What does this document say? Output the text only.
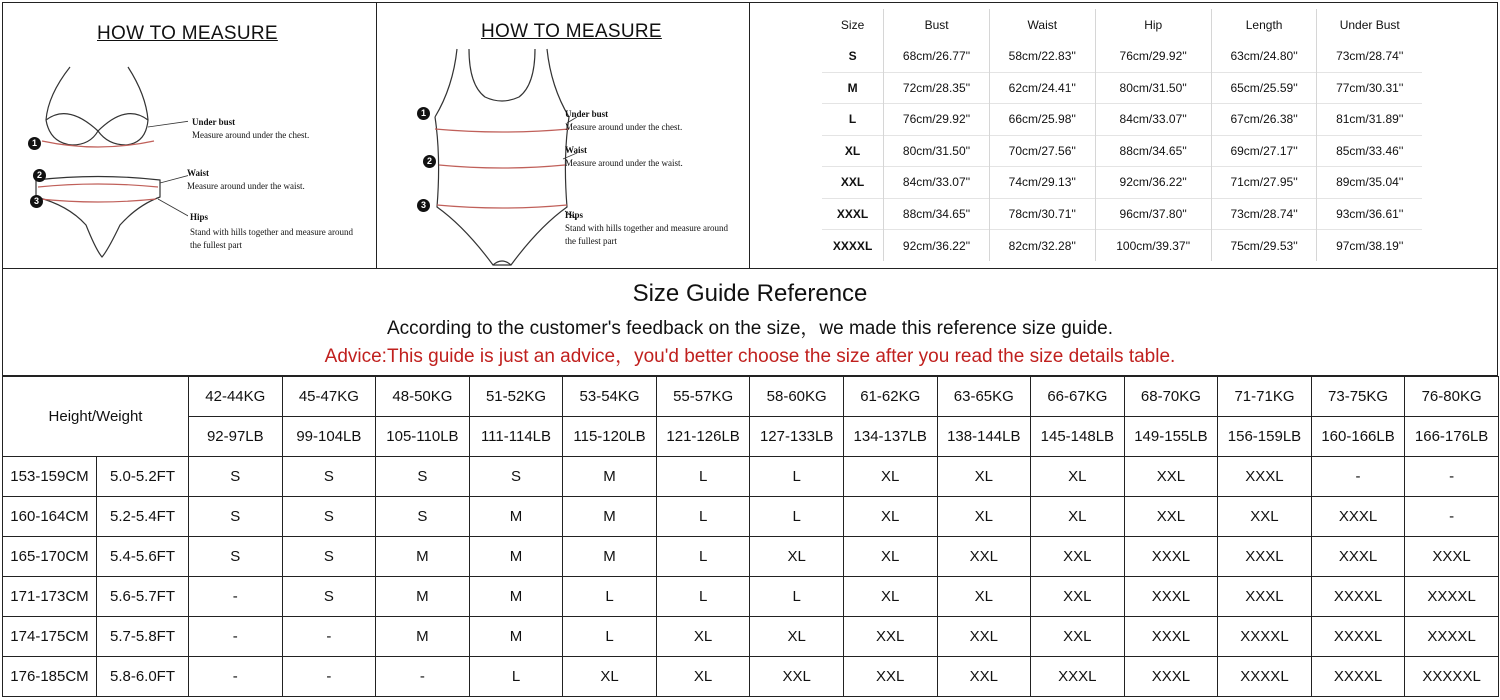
HOW TO MEASURE
1
2
3
Under bust
Measure around under the chest.
Waist
Measure around under the waist.
Hips
Stand with hills together and measure around the fullest part
HOW TO MEASURE
1
2
3
Under bust
Measure around under the chest.
Waist
Measure around under the waist.
Hips
Stand with hills together and measure around the fullest part
Size	Bust	Waist	Hip	Length	Under Bust
S	68cm/26.77''	58cm/22.83''	76cm/29.92''	63cm/24.80''	73cm/28.74''
M	72cm/28.35''	62cm/24.41''	80cm/31.50''	65cm/25.59''	77cm/30.31''
L	76cm/29.92''	66cm/25.98''	84cm/33.07''	67cm/26.38''	81cm/31.89''
XL	80cm/31.50''	70cm/27.56''	88cm/34.65''	69cm/27.17''	85cm/33.46''
XXL	84cm/33.07''	74cm/29.13''	92cm/36.22''	71cm/27.95''	89cm/35.04''
XXXL	88cm/34.65''	78cm/30.71''	96cm/37.80''	73cm/28.74''	93cm/36.61''
XXXXL	92cm/36.22''	82cm/32.28''	100cm/39.37''	75cm/29.53''	97cm/38.19''
Size Guide Reference
According to the customer's feedback on the size，we made this reference size guide.
Advice:This guide is just an advice，you'd better choose the size after you read the size details table.
Height/Weight		42-44KG	45-47KG	48-50KG	51-52KG	53-54KG	55-57KG	58-60KG	61-62KG	63-65KG	66-67KG	68-70KG	71-71KG	73-75KG	76-80KG
		92-97LB	99-104LB	105-110LB	111-114LB	115-120LB	121-126LB	127-133LB	134-137LB	138-144LB	145-148LB	149-155LB	156-159LB	160-166LB	166-176LB
153-159CM	5.0-5.2FT	S	S	S	S	M	L	L	XL	XL	XL	XXL	XXXL	-	-
160-164CM	5.2-5.4FT	S	S	S	M	M	L	L	XL	XL	XL	XXL	XXL	XXXL	-
165-170CM	5.4-5.6FT	S	S	M	M	M	L	XL	XL	XXL	XXL	XXXL	XXXL	XXXL	XXXL
171-173CM	5.6-5.7FT	-	S	M	M	L	L	L	XL	XL	XXL	XXXL	XXXL	XXXXL	XXXXL
174-175CM	5.7-5.8FT	-	-	M	M	L	XL	XL	XXL	XXL	XXL	XXXL	XXXXL	XXXXL	XXXXL
176-185CM	5.8-6.0FT	-	-	-	L	XL	XL	XXL	XXL	XXL	XXXL	XXXL	XXXXL	XXXXL	XXXXXL
